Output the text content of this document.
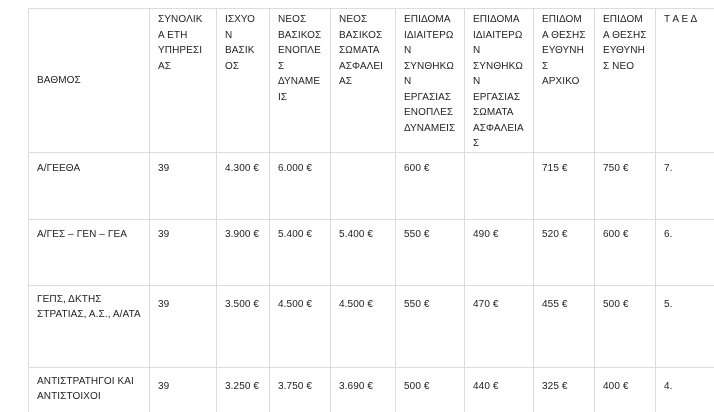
ΒΑΘΜΟΣ	ΣΥΝΟΛΙΚΑ ΕΤΗ ΥΠΗΡΕΣΙΑΣ	ΙΣΧΥΟΝ ΒΑΣΙΚΟΣ	ΝΕΟΣ ΒΑΣΙΚΟΣ ΕΝΟΠΛΕΣ ΔΥΝΑΜΕΙΣ	ΝΕΟΣ ΒΑΣΙΚΟΣ ΣΩΜΑΤΑ ΑΣΦΑΛΕΙΑΣ	ΕΠΙΔΟΜΑ ΙΔΙΑΙΤΕΡΩΝ ΣΥΝΘΗΚΩΝ ΕΡΓΑΣΙΑΣ ΕΝΟΠΛΕΣ ΔΥΝΑΜΕΙΣ	ΕΠΙΔΟΜΑ ΙΔΙΑΙΤΕΡΩΝ ΣΥΝΘΗΚΩΝ ΕΡΓΑΣΙΑΣ ΣΩΜΑΤΑ ΑΣΦΑΛΕΙΑΣ	ΕΠΙΔΟΜΑ ΘΕΣΗΣ ΕΥΘΥΝΗΣ ΑΡΧΙΚΟ	ΕΠΙΔΟΜΑ ΘΕΣΗΣ ΕΥΘΥΝΗΣ ΝΕΟ	Τ Α Ε Δ
Α/ΓΕΕΘΑ	39	4.300 €	6.000 €		600 €		715 €	750 €	7.
Α/ΓΕΣ – ΓΕΝ – ΓΕΑ	39	3.900 €	5.400 €	5.400 €	550 €	490 €	520 €	600 €	6.
ΓΕΠΣ, ΔΚΤΗΣ ΣΤΡΑΤΙΑΣ, Α.Σ., Α/ΑΤΑ	39	3.500 €	4.500 €	4.500 €	550 €	470 €	455 €	500 €	5.

ΑΝΤΙΣΤΡΑΤΗΓΟΙ ΚΑΙ ΑΝΤΙΣΤΟΙΧΟΙ	39	3.250 €	3.750 €	3.690 €	500 €	440 €	325 €	400 €	4.
